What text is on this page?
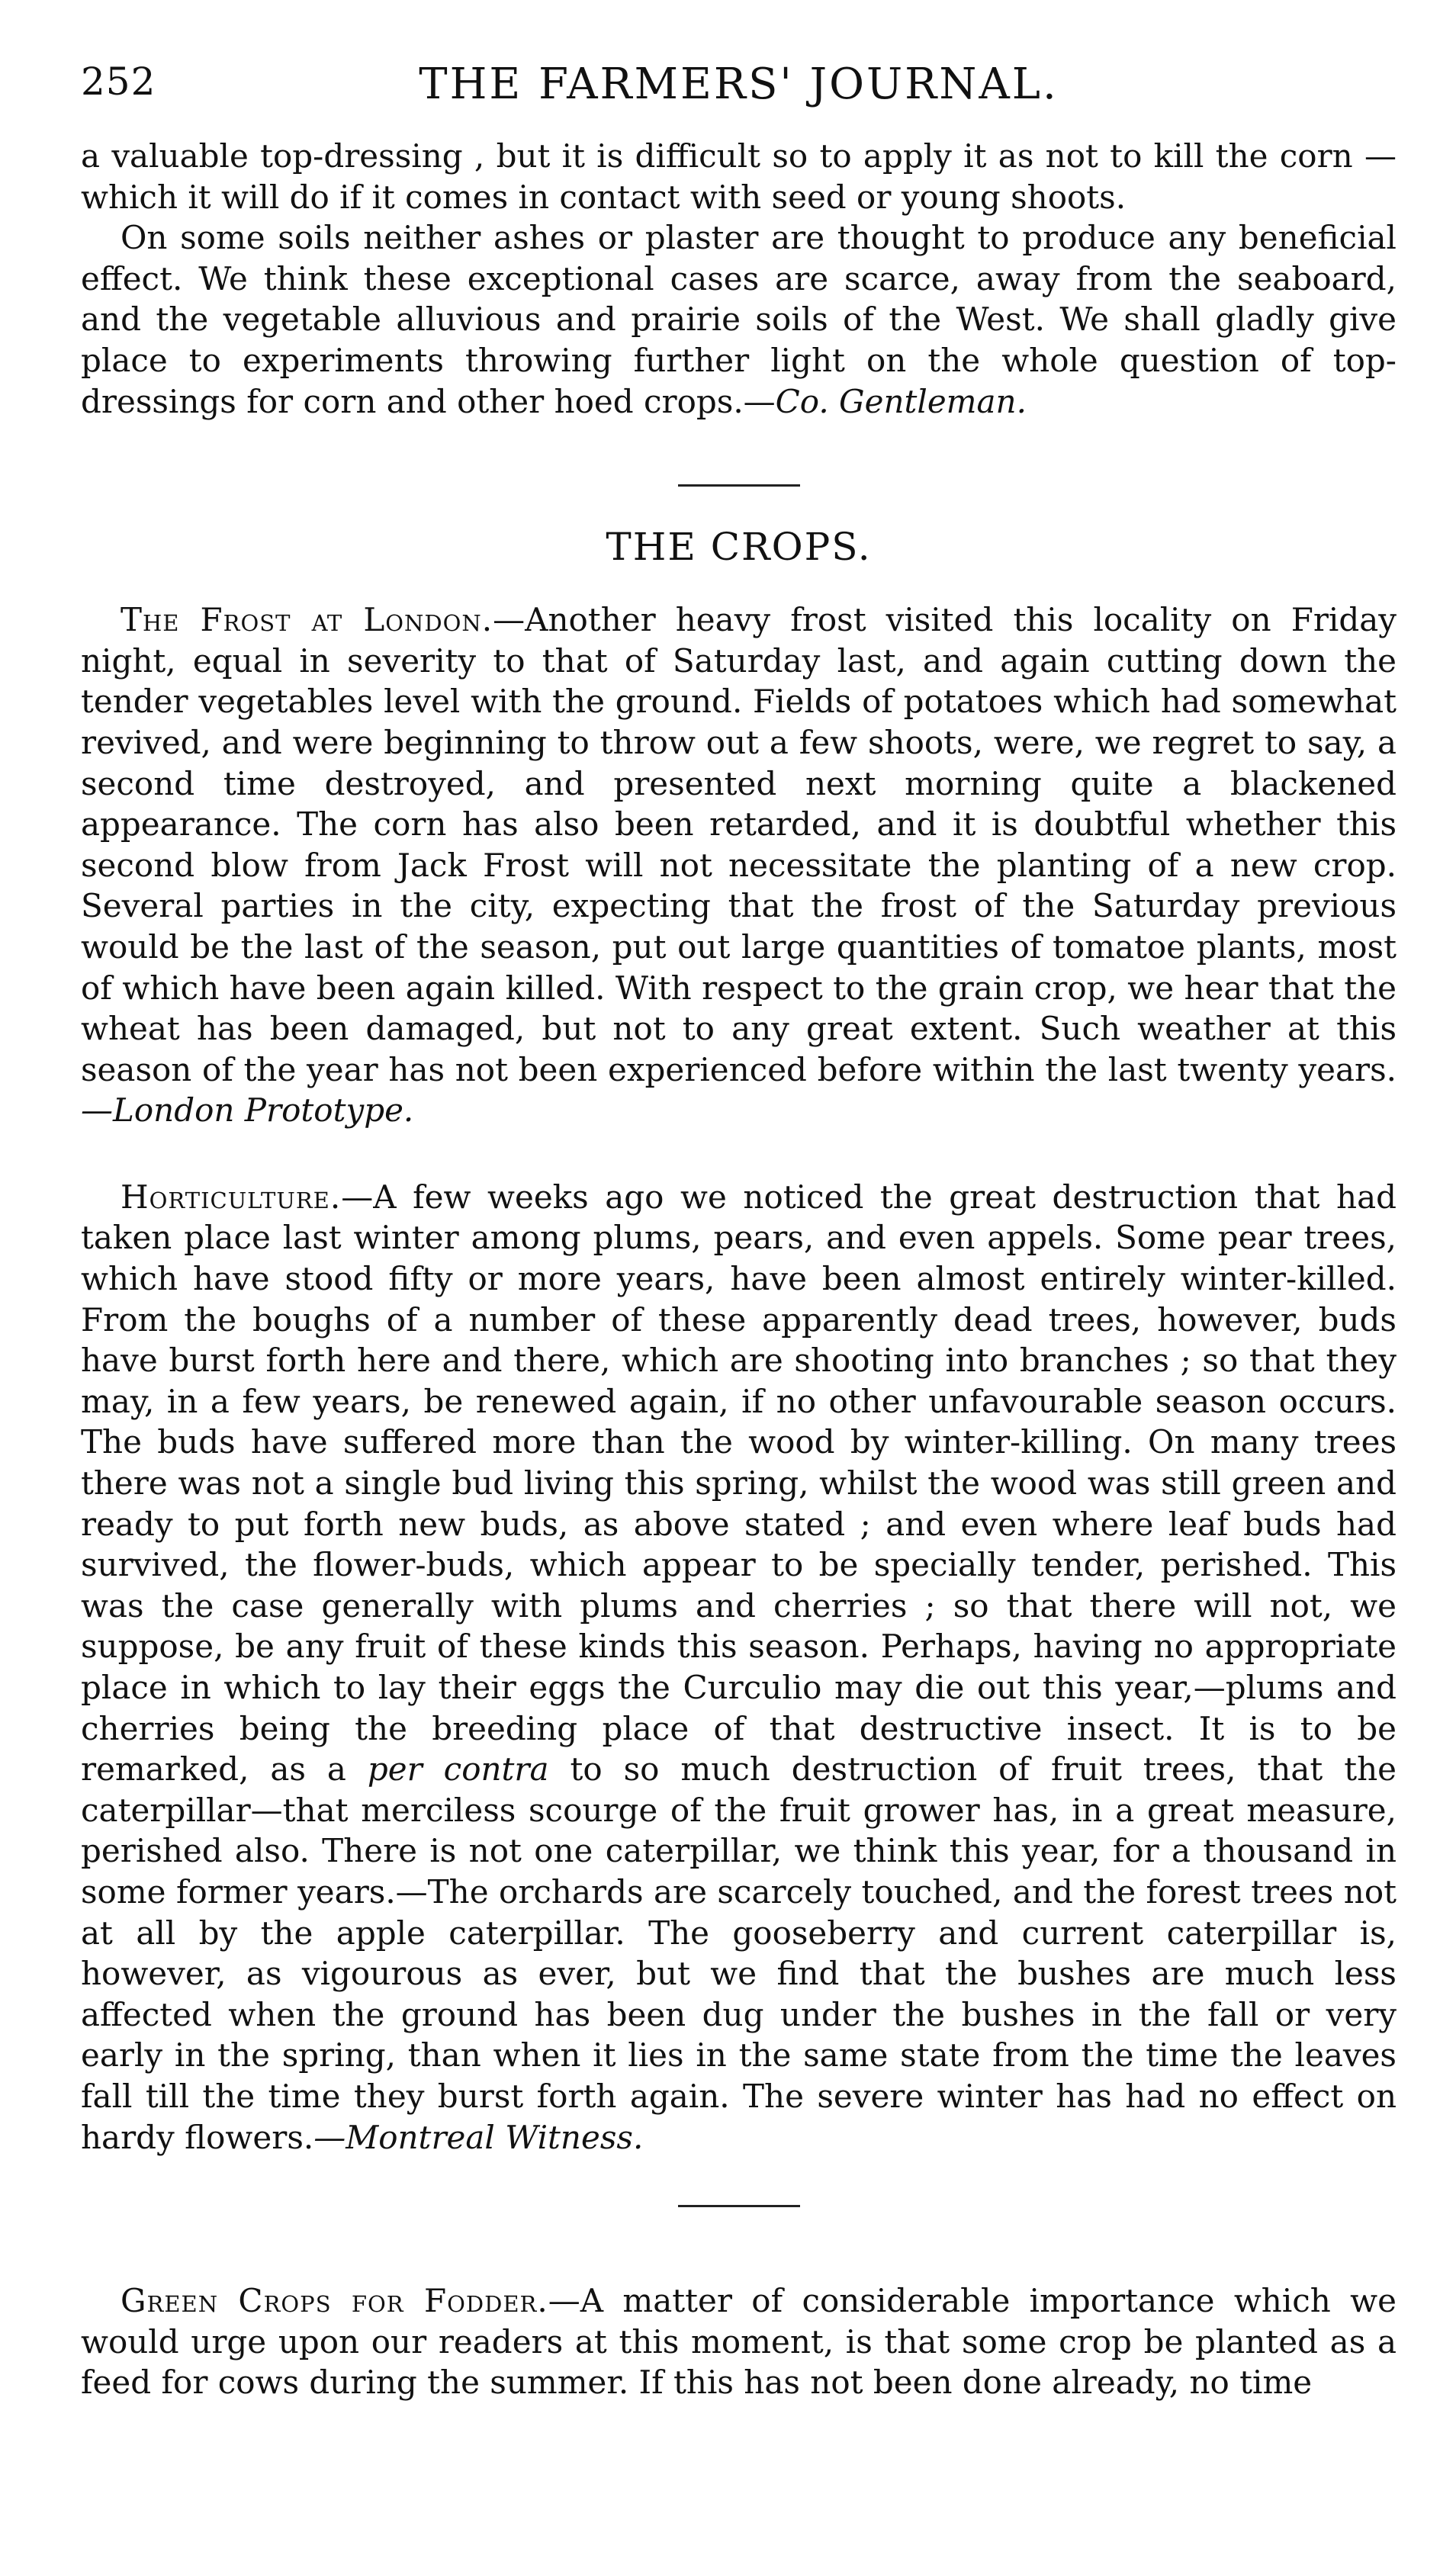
252	THE FARMERS' JOURNAL.

a valuable top-dressing , but it is difficult so to apply it as not to kill the corn —which it will do if it comes in contact with seed or young shoots.

On some soils neither ashes or plaster are thought to produce any beneficial effect. We think these exceptional cases are scarce, away from the seaboard, and the vegetable alluvious and prairie soils of the West. We shall gladly give place to experiments throwing further light on the whole question of top-dressings for corn and other hoed crops.—Co. Gentleman.

THE CROPS.

The Frost at London.—Another heavy frost visited this locality on Friday night, equal in severity to that of Saturday last, and again cutting down the tender vegetables level with the ground. Fields of potatoes which had somewhat revived, and were beginning to throw out a few shoots, were, we regret to say, a second time destroyed, and presented next morning quite a blackened appearance. The corn has also been retarded, and it is doubtful whether this second blow from Jack Frost will not necessitate the planting of a new crop. Several parties in the city, expecting that the frost of the Saturday previous would be the last of the season, put out large quantities of tomatoe plants, most of which have been again killed. With respect to the grain crop, we hear that the wheat has been damaged, but not to any great extent. Such weather at this season of the year has not been experienced before within the last twenty years. —London Prototype.

Horticulture.—A few weeks ago we noticed the great destruction that had taken place last winter among plums, pears, and even appels. Some pear trees, which have stood fifty or more years, have been almost entirely winter-killed. From the boughs of a number of these apparently dead trees, however, buds have burst forth here and there, which are shooting into branches ; so that they may, in a few years, be renewed again, if no other unfavourable season occurs. The buds have suffered more than the wood by winter-killing. On many trees there was not a single bud living this spring, whilst the wood was still green and ready to put forth new buds, as above stated ; and even where leaf buds had survived, the flower-buds, which appear to be specially tender, perished. This was the case generally with plums and cherries ; so that there will not, we suppose, be any fruit of these kinds this season. Perhaps, having no appropriate place in which to lay their eggs the Curculio may die out this year,—plums and cherries being the breeding place of that destructive insect. It is to be remarked, as a per contra to so much destruction of fruit trees, that the caterpillar—that merciless scourge of the fruit grower has, in a great measure, perished also. There is not one caterpillar, we think this year, for a thousand in some former years.—The orchards are scarcely touched, and the forest trees not at all by the apple caterpillar. The gooseberry and current caterpillar is, however, as vigourous as ever, but we find that the bushes are much less affected when the ground has been dug under the bushes in the fall or very early in the spring, than when it lies in the same state from the time the leaves fall till the time they burst forth again. The severe winter has had no effect on hardy flowers.—Montreal Witness.

Green Crops for Fodder.—A matter of considerable importance which we would urge upon our readers at this moment, is that some crop be planted as a feed for cows during the summer. If this has not been done already, no time
